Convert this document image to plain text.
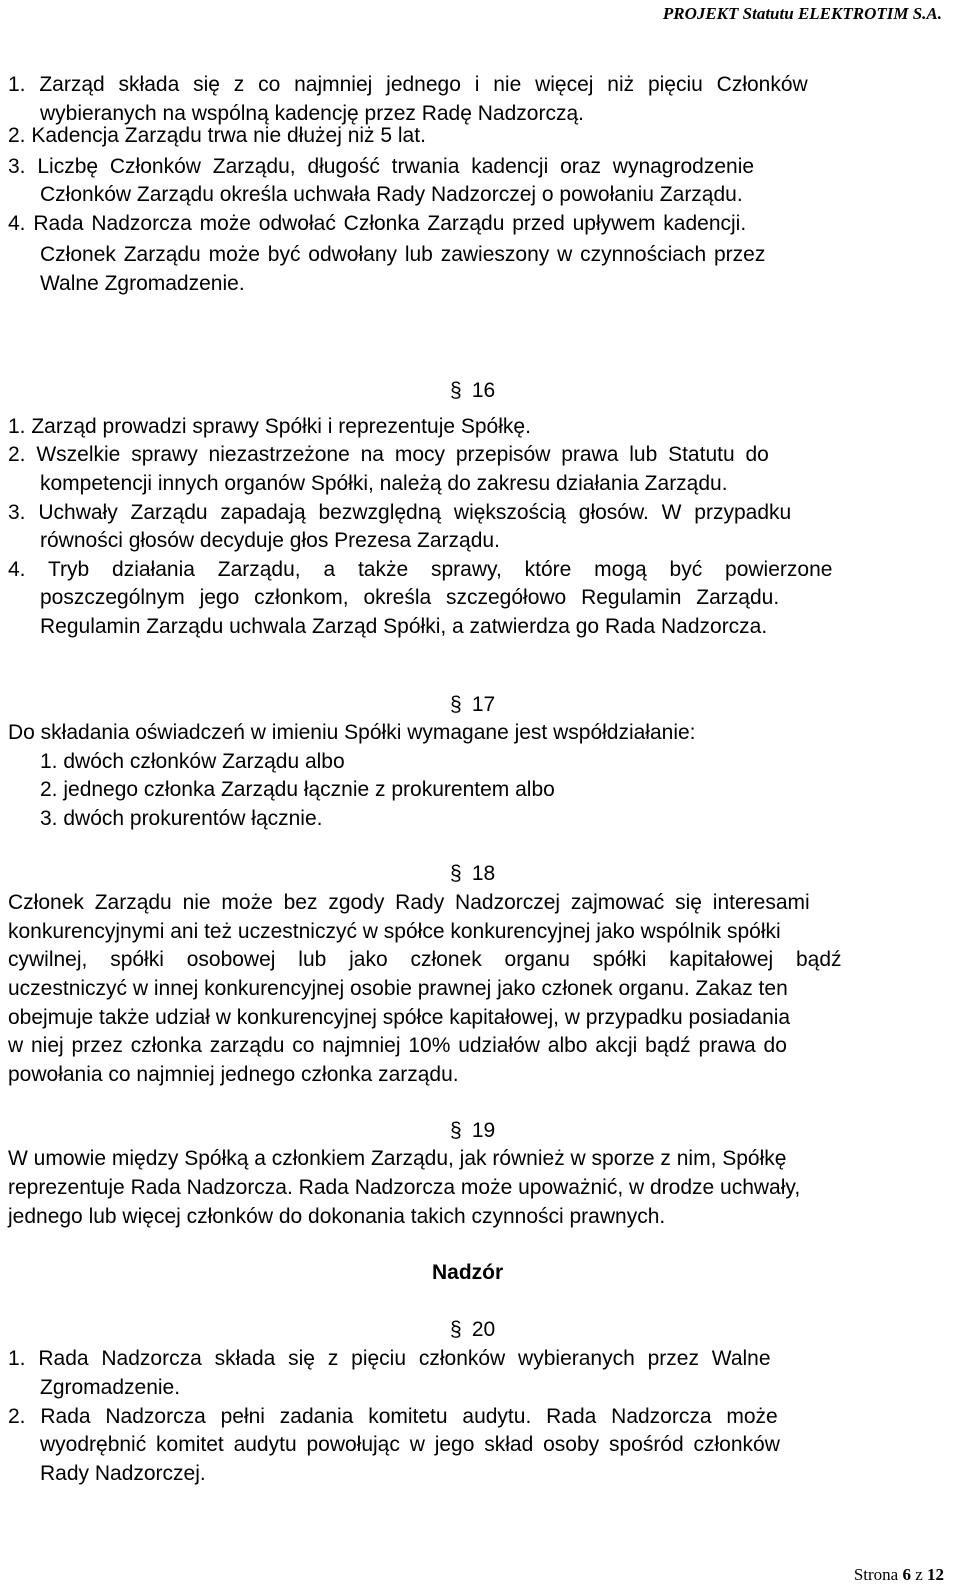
PROJEKT Statutu ELEKTROTIM S.A.
1. Zarząd składa się z co najmniej jednego i nie więcej niż pięciu Członków
wybieranych na wspólną kadencję przez Radę Nadzorczą.
2. Kadencja Zarządu trwa nie dłużej niż 5 lat.
3. Liczbę Członków Zarządu, długość trwania kadencji oraz wynagrodzenie
Członków Zarządu określa uchwała Rady Nadzorczej o powołaniu Zarządu.
4. Rada Nadzorcza może odwołać Członka Zarządu przed upływem kadencji.
Członek Zarządu może być odwołany lub zawieszony w czynnościach przez
Walne Zgromadzenie.
§ 16
1. Zarząd prowadzi sprawy Spółki i reprezentuje Spółkę.
2. Wszelkie sprawy niezastrzeżone na mocy przepisów prawa lub Statutu do
kompetencji innych organów Spółki, należą do zakresu działania Zarządu.
3. Uchwały Zarządu zapadają bezwzględną większością głosów. W przypadku
równości głosów decyduje głos Prezesa Zarządu.
4. Tryb działania Zarządu, a także sprawy, które mogą być powierzone
poszczególnym jego członkom, określa szczegółowo Regulamin Zarządu.
Regulamin Zarządu uchwala Zarząd Spółki, a zatwierdza go Rada Nadzorcza.
§ 17
Do składania oświadczeń w imieniu Spółki wymagane jest współdziałanie:
1. dwóch członków Zarządu albo
2. jednego członka Zarządu łącznie z prokurentem albo
3. dwóch prokurentów łącznie.
§ 18
Członek Zarządu nie może bez zgody Rady Nadzorczej zajmować się interesami
konkurencyjnymi ani też uczestniczyć w spółce konkurencyjnej jako wspólnik spółki
cywilnej, spółki osobowej lub jako członek organu spółki kapitałowej bądź
uczestniczyć w innej konkurencyjnej osobie prawnej jako członek organu. Zakaz ten
obejmuje także udział w konkurencyjnej spółce kapitałowej, w przypadku posiadania
w niej przez członka zarządu co najmniej 10% udziałów albo akcji bądź prawa do
powołania co najmniej jednego członka zarządu.
§ 19
W umowie między Spółką a członkiem Zarządu, jak również w sporze z nim, Spółkę
reprezentuje Rada Nadzorcza. Rada Nadzorcza może upoważnić, w drodze uchwały,
jednego lub więcej członków do dokonania takich czynności prawnych.
Nadzór
§ 20
1. Rada Nadzorcza składa się z pięciu członków wybieranych przez Walne
Zgromadzenie.
2. Rada Nadzorcza pełni zadania komitetu audytu. Rada Nadzorcza może
wyodrębnić komitet audytu powołując w jego skład osoby spośród członków
Rady Nadzorczej.
Strona 6 z 12
